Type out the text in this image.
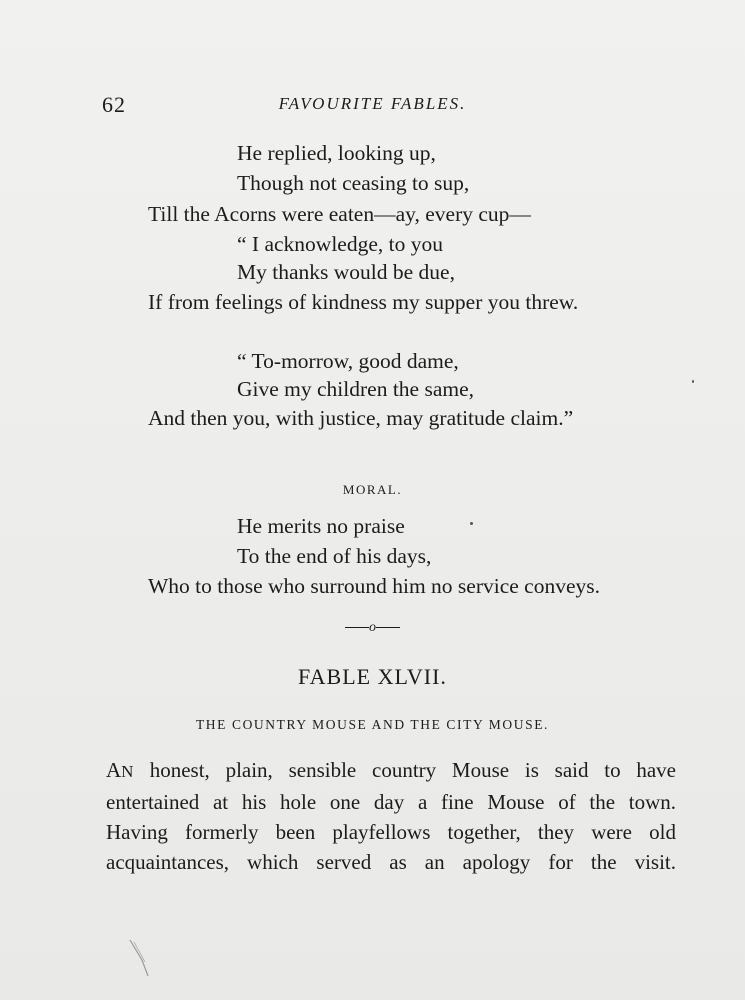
62	FAVOURITE FABLES.
He replied, looking up,
Though not ceasing to sup,
Till the Acorns were eaten—ay, every cup—
“ I acknowledge, to you
My thanks would be due,
If from feelings of kindness my supper you threw.
“ To-morrow, good dame,
Give my children the same,
And then you, with justice, may gratitude claim.”
MORAL.
He merits no praise
To the end of his days,
Who to those who surround him no service conveys.
o
FABLE XLVII.
THE COUNTRY MOUSE AND THE CITY MOUSE.
AN honest, plain, sensible country Mouse is said to have
entertained at his hole one day a fine Mouse of the town.
Having formerly been playfellows together, they were old
acquaintances, which served as an apology for the visit.
